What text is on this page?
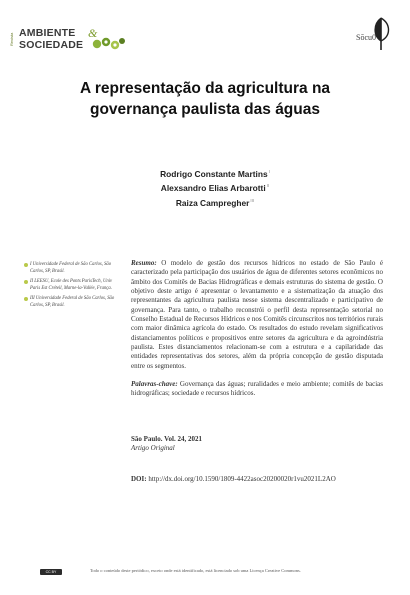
Revista AMBIENTE &
SOCIEDADE
Sōcu0
A representação da agricultura na governança paulista das águas
Rodrigo Constante Martins$^I$
Alexsandro Elias Arbarotti$^{II}$
Raiza Campregher$^{III}$
I Universidade Federal de São Carlos, São Carlos, SP, Brasil.
II LEESU, Ecole des Ponts ParisTech, Univ Paris Est Créteil, Marne-la-Vallée, França.
III Universidade Federal de São Carlos, São Carlos, SP, Brasil.
Resumo: O modelo de gestão dos recursos hídricos no estado de São Paulo é caracterizado pela participação dos usuários de água de diferentes setores econômicos no âmbito dos Comitês de Bacias Hidrográficas e demais estruturas do sistema de gestão. O objetivo deste artigo é apresentar o levantamento e a sistematização da atuação dos representantes da agricultura paulista nesse sistema descentralizado e participativo de governança. Para tanto, o trabalho reconstrói o perfil desta representação setorial no Conselho Estadual de Recursos Hídricos e nos Comitês circunscritos nos territórios rurais com maior dinâmica agrícola do estado. Os resultados do estudo revelam significativos distanciamentos políticos e propositivos entre setores da agricultura e da agroindústria paulista. Estes distanciamentos relacionam-se com a estrutura e a capilaridade das entidades representativas dos setores, além da própria concepção de gestão disputada entre os segmentos.
Palavras-chave: Governança das águas; ruralidades e meio ambiente; comitês de bacias hidrográficas; sociedade e recursos hídricos.
São Paulo. Vol. 24, 2021
Artigo Original
DOI: http://dx.doi.org/10.1590/1809-4422asoc20200020r1vu2021L2AO
CC BY	Todo o conteúdo deste periódico, exceto onde está identificado, está licenciado sob uma Licença Creative Commons.
